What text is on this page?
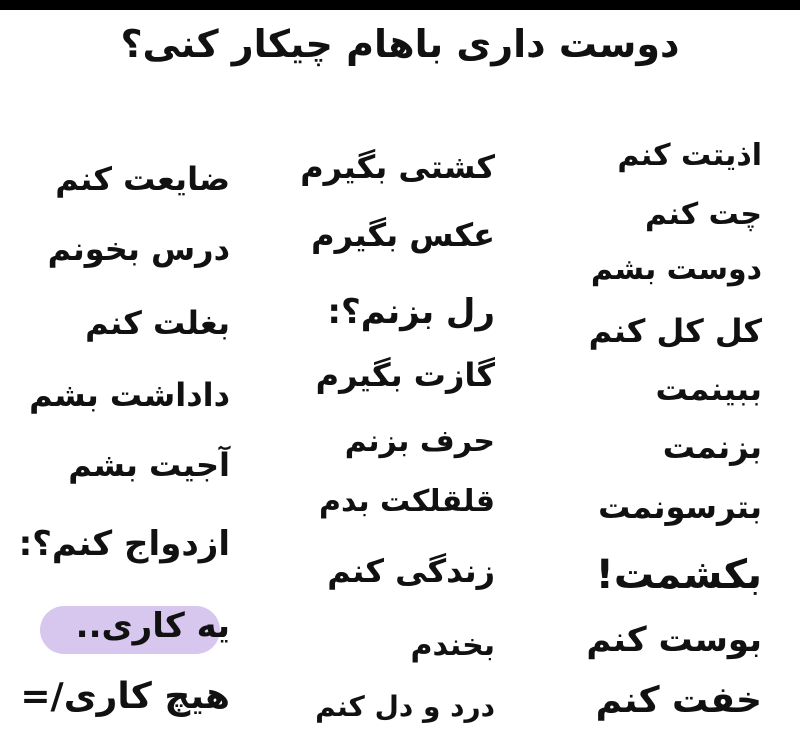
دوست داری باهام چیکار کنی؟
اذیتت کنم
چت کنم
دوست بشم
کل کل کنم
ببینمت
بزنمت
بترسونمت
بکشمت!
بوست کنم
خفت کنم
کشتی بگیرم
عکس بگیرم
رل بزنم؟:
گازت بگیرم
حرف بزنم
قلقلکت بدم
زندگی کنم
بخندم
درد و دل کنم
ضایعت کنم
درس بخونم
بغلت کنم
داداشت بشم
آجیت بشم
ازدواج کنم؟:
یه کاری..
هیچ کاری/=
